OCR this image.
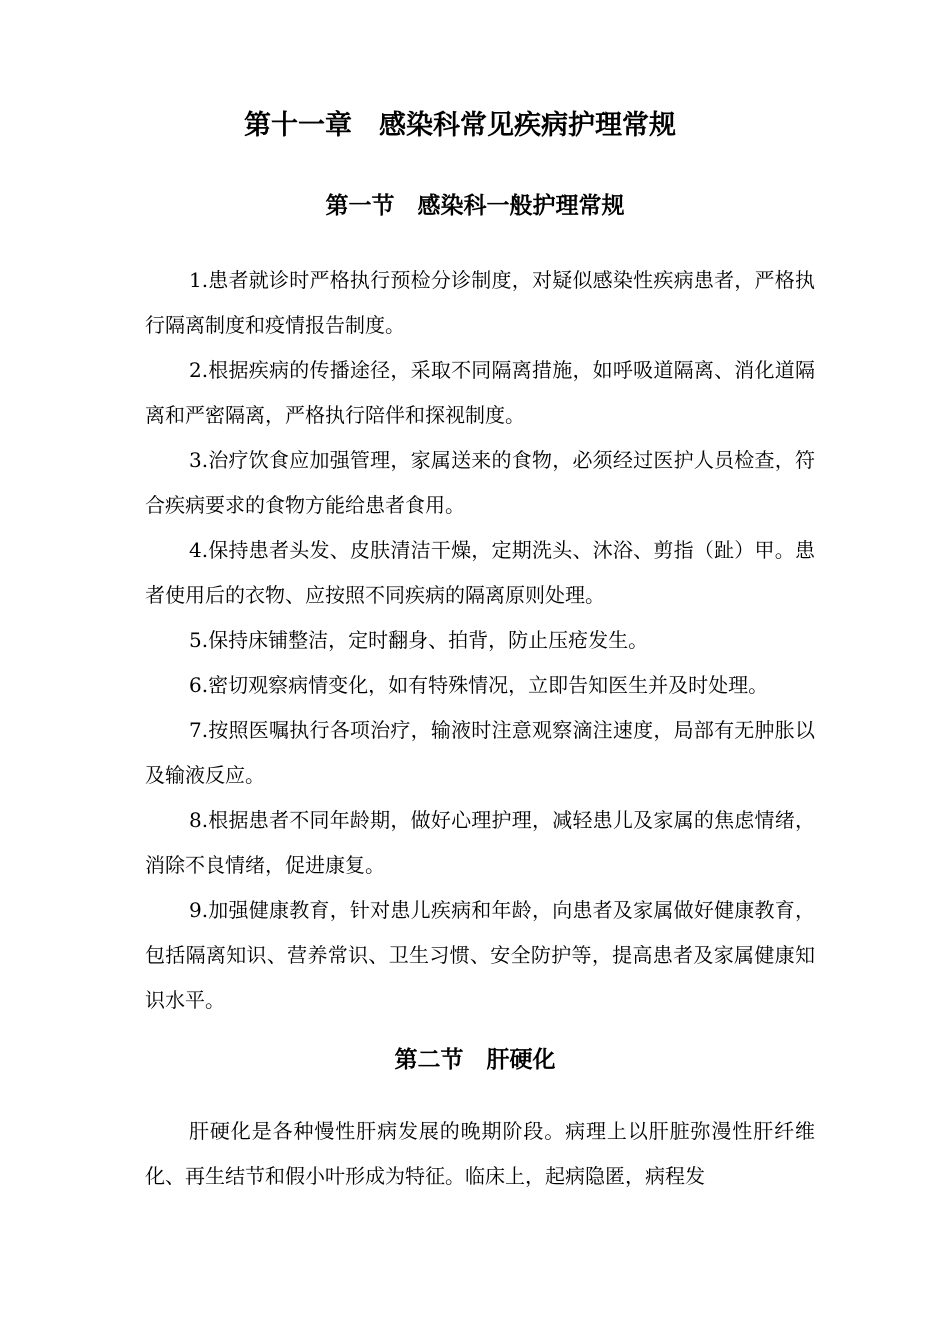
第十一章　感染科常见疾病护理常规
第一节　感染科一般护理常规

1.患者就诊时严格执行预检分诊制度，对疑似感染性疾病患者，严格执行隔离制度和疫情报告制度。

2.根据疾病的传播途径，采取不同隔离措施，如呼吸道隔离、消化道隔离和严密隔离，严格执行陪伴和探视制度。

3.治疗饮食应加强管理，家属送来的食物，必须经过医护人员检查，符合疾病要求的食物方能给患者食用。

4.保持患者头发、皮肤清洁干燥，定期洗头、沐浴、剪指（趾）甲。患者使用后的衣物、应按照不同疾病的隔离原则处理。

5.保持床铺整洁，定时翻身、拍背，防止压疮发生。

6.密切观察病情变化，如有特殊情况，立即告知医生并及时处理。

7.按照医嘱执行各项治疗，输液时注意观察滴注速度，局部有无肿胀以及输液反应。

8.根据患者不同年龄期，做好心理护理，减轻患儿及家属的焦虑情绪，消除不良情绪，促进康复。

9.加强健康教育，针对患儿疾病和年龄，向患者及家属做好健康教育，包括隔离知识、营养常识、卫生习惯、安全防护等，提高患者及家属健康知识水平。

第二节　肝硬化

肝硬化是各种慢性肝病发展的晚期阶段。病理上以肝脏弥漫性肝纤维化、再生结节和假小叶形成为特征。临床上，起病隐匿，病程发
